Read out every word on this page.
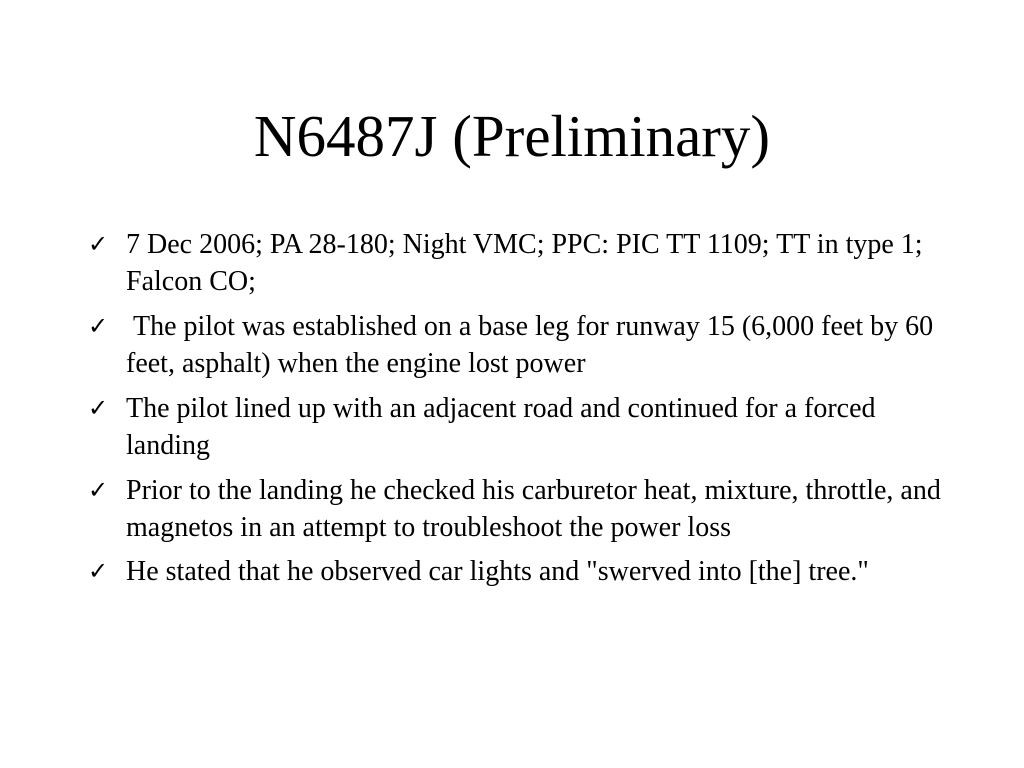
N6487J (Preliminary)
✓ 7 Dec 2006; PA 28-180; Night VMC; PPC: PIC TT 1109; TT in type 1; Falcon CO;
✓ The pilot was established on a base leg for runway 15 (6,000 feet by 60 feet, asphalt) when the engine lost power
✓ The pilot lined up with an adjacent road and continued for a forced landing
✓ Prior to the landing he checked his carburetor heat, mixture, throttle, and magnetos in an attempt to troubleshoot the power loss
✓ He stated that he observed car lights and "swerved into [the] tree."
